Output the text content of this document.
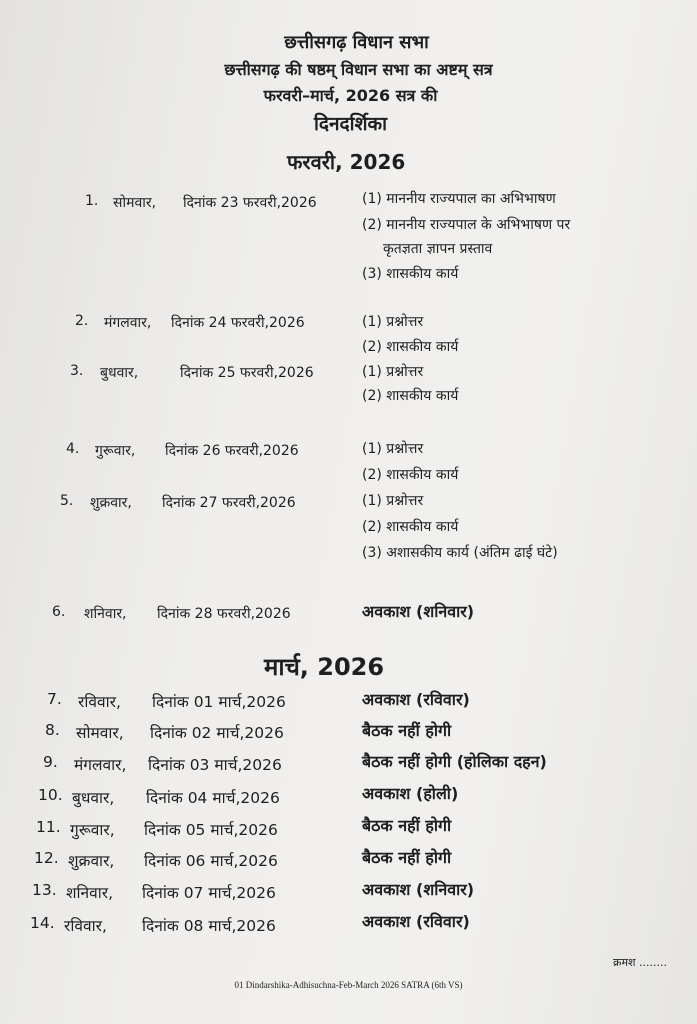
छत्तीसगढ़ विधान सभा
छत्तीसगढ़ की षष्ठम् विधान सभा का अष्टम् सत्र
फरवरी–मार्च, 2026 सत्र की
दिनदर्शिका
फरवरी, 2026
1. सोमवार, दिनांक 23 फरवरी,2026	(1) माननीय राज्यपाल का अभिभाषण
(2) माननीय राज्यपाल के अभिभाषण पर
कृतज्ञता ज्ञापन प्रस्ताव
(3) शासकीय कार्य
2. मंगलवार, दिनांक 24 फरवरी,2026	(1) प्रश्नोत्तर
(2) शासकीय कार्य
3. बुधवार,	दिनांक 25 फरवरी,2026	(1) प्रश्नोत्तर
(2) शासकीय कार्य
4. गुरूवार, दिनांक 26 फरवरी,2026	(1) प्रश्नोत्तर
(2) शासकीय कार्य
5. शुक्रवार, दिनांक 27 फरवरी,2026	(1) प्रश्नोत्तर
(2) शासकीय कार्य
(3) अशासकीय कार्य (अंतिम ढाई घंटे)
6. शनिवार, दिनांक 28 फरवरी,2026	अवकाश (शनिवार)
मार्च, 2026
7. रविवार, दिनांक 01 मार्च,2026	अवकाश (रविवार)
8. सोमवार, दिनांक 02 मार्च,2026	बैठक नहीं होगी
9. मंगलवार, दिनांक 03 मार्च,2026	बैठक नहीं होगी (होलिका दहन)
10. बुधवार, दिनांक 04 मार्च,2026	अवकाश (होली)
11. गुरूवार, दिनांक 05 मार्च,2026	बैठक नहीं होगी
12. शुक्रवार, दिनांक 06 मार्च,2026	बैठक नहीं होगी
13. शनिवार, दिनांक 07 मार्च,2026	अवकाश (शनिवार)
14. रविवार, दिनांक 08 मार्च,2026	अवकाश (रविवार)
क्रमश ........
01 Dindarshika-Adhisuchna-Feb-March 2026 SATRA (6th VS)
